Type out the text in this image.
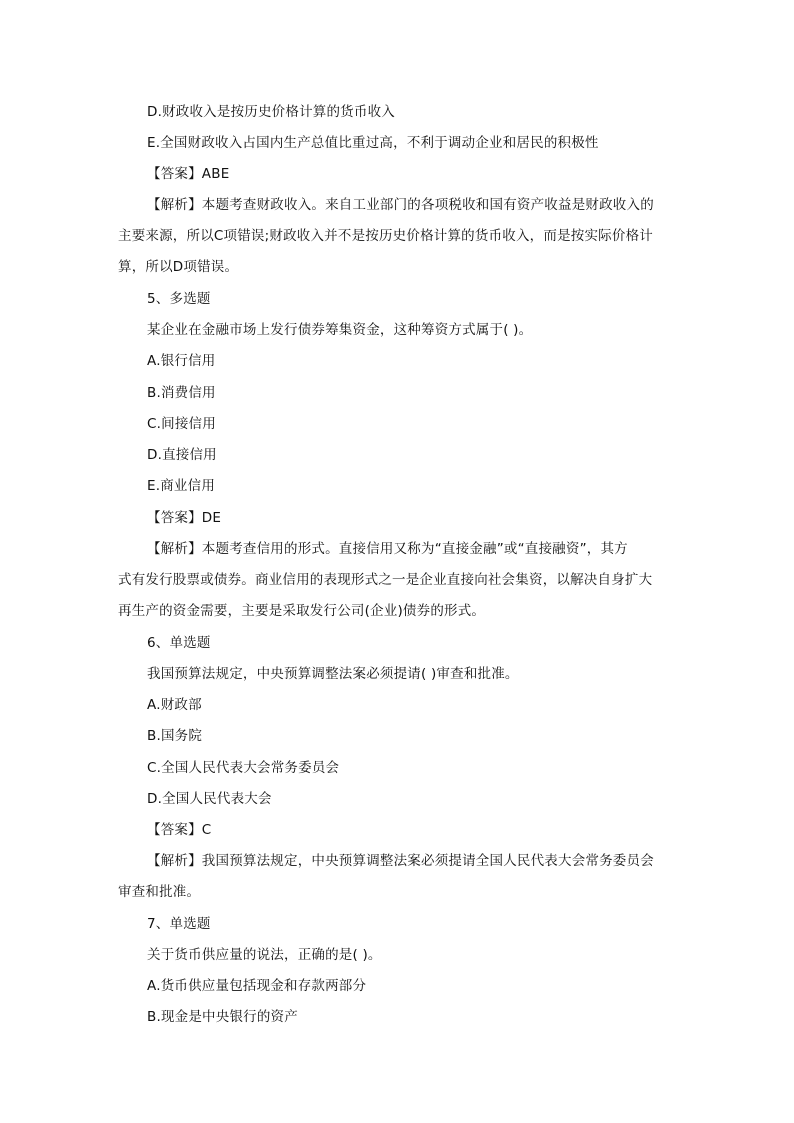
D.财政收入是按历史价格计算的货币收入
E.全国财政收入占国内生产总值比重过高，不利于调动企业和居民的积极性
【答案】ABE
【解析】本题考查财政收入。来自工业部门的各项税收和国有资产收益是财政收入的
主要来源，所以C项错误;财政收入并不是按历史价格计算的货币收入，而是按实际价格计
算，所以D项错误。
5、多选题
某企业在金融市场上发行债券筹集资金，这种筹资方式属于( )。
A.银行信用
B.消费信用
C.间接信用
D.直接信用
E.商业信用
【答案】DE
【解析】本题考查信用的形式。直接信用又称为“直接金融”或“直接融资”，其方
式有发行股票或债券。商业信用的表现形式之一是企业直接向社会集资，以解决自身扩大
再生产的资金需要，主要是采取发行公司(企业)债券的形式。
6、单选题
我国预算法规定，中央预算调整法案必须提请( )审查和批准。
A.财政部
B.国务院
C.全国人民代表大会常务委员会
D.全国人民代表大会
【答案】C
【解析】我国预算法规定，中央预算调整法案必须提请全国人民代表大会常务委员会
审查和批准。
7、单选题
关于货币供应量的说法，正确的是( )。
A.货币供应量包括现金和存款两部分
B.现金是中央银行的资产
